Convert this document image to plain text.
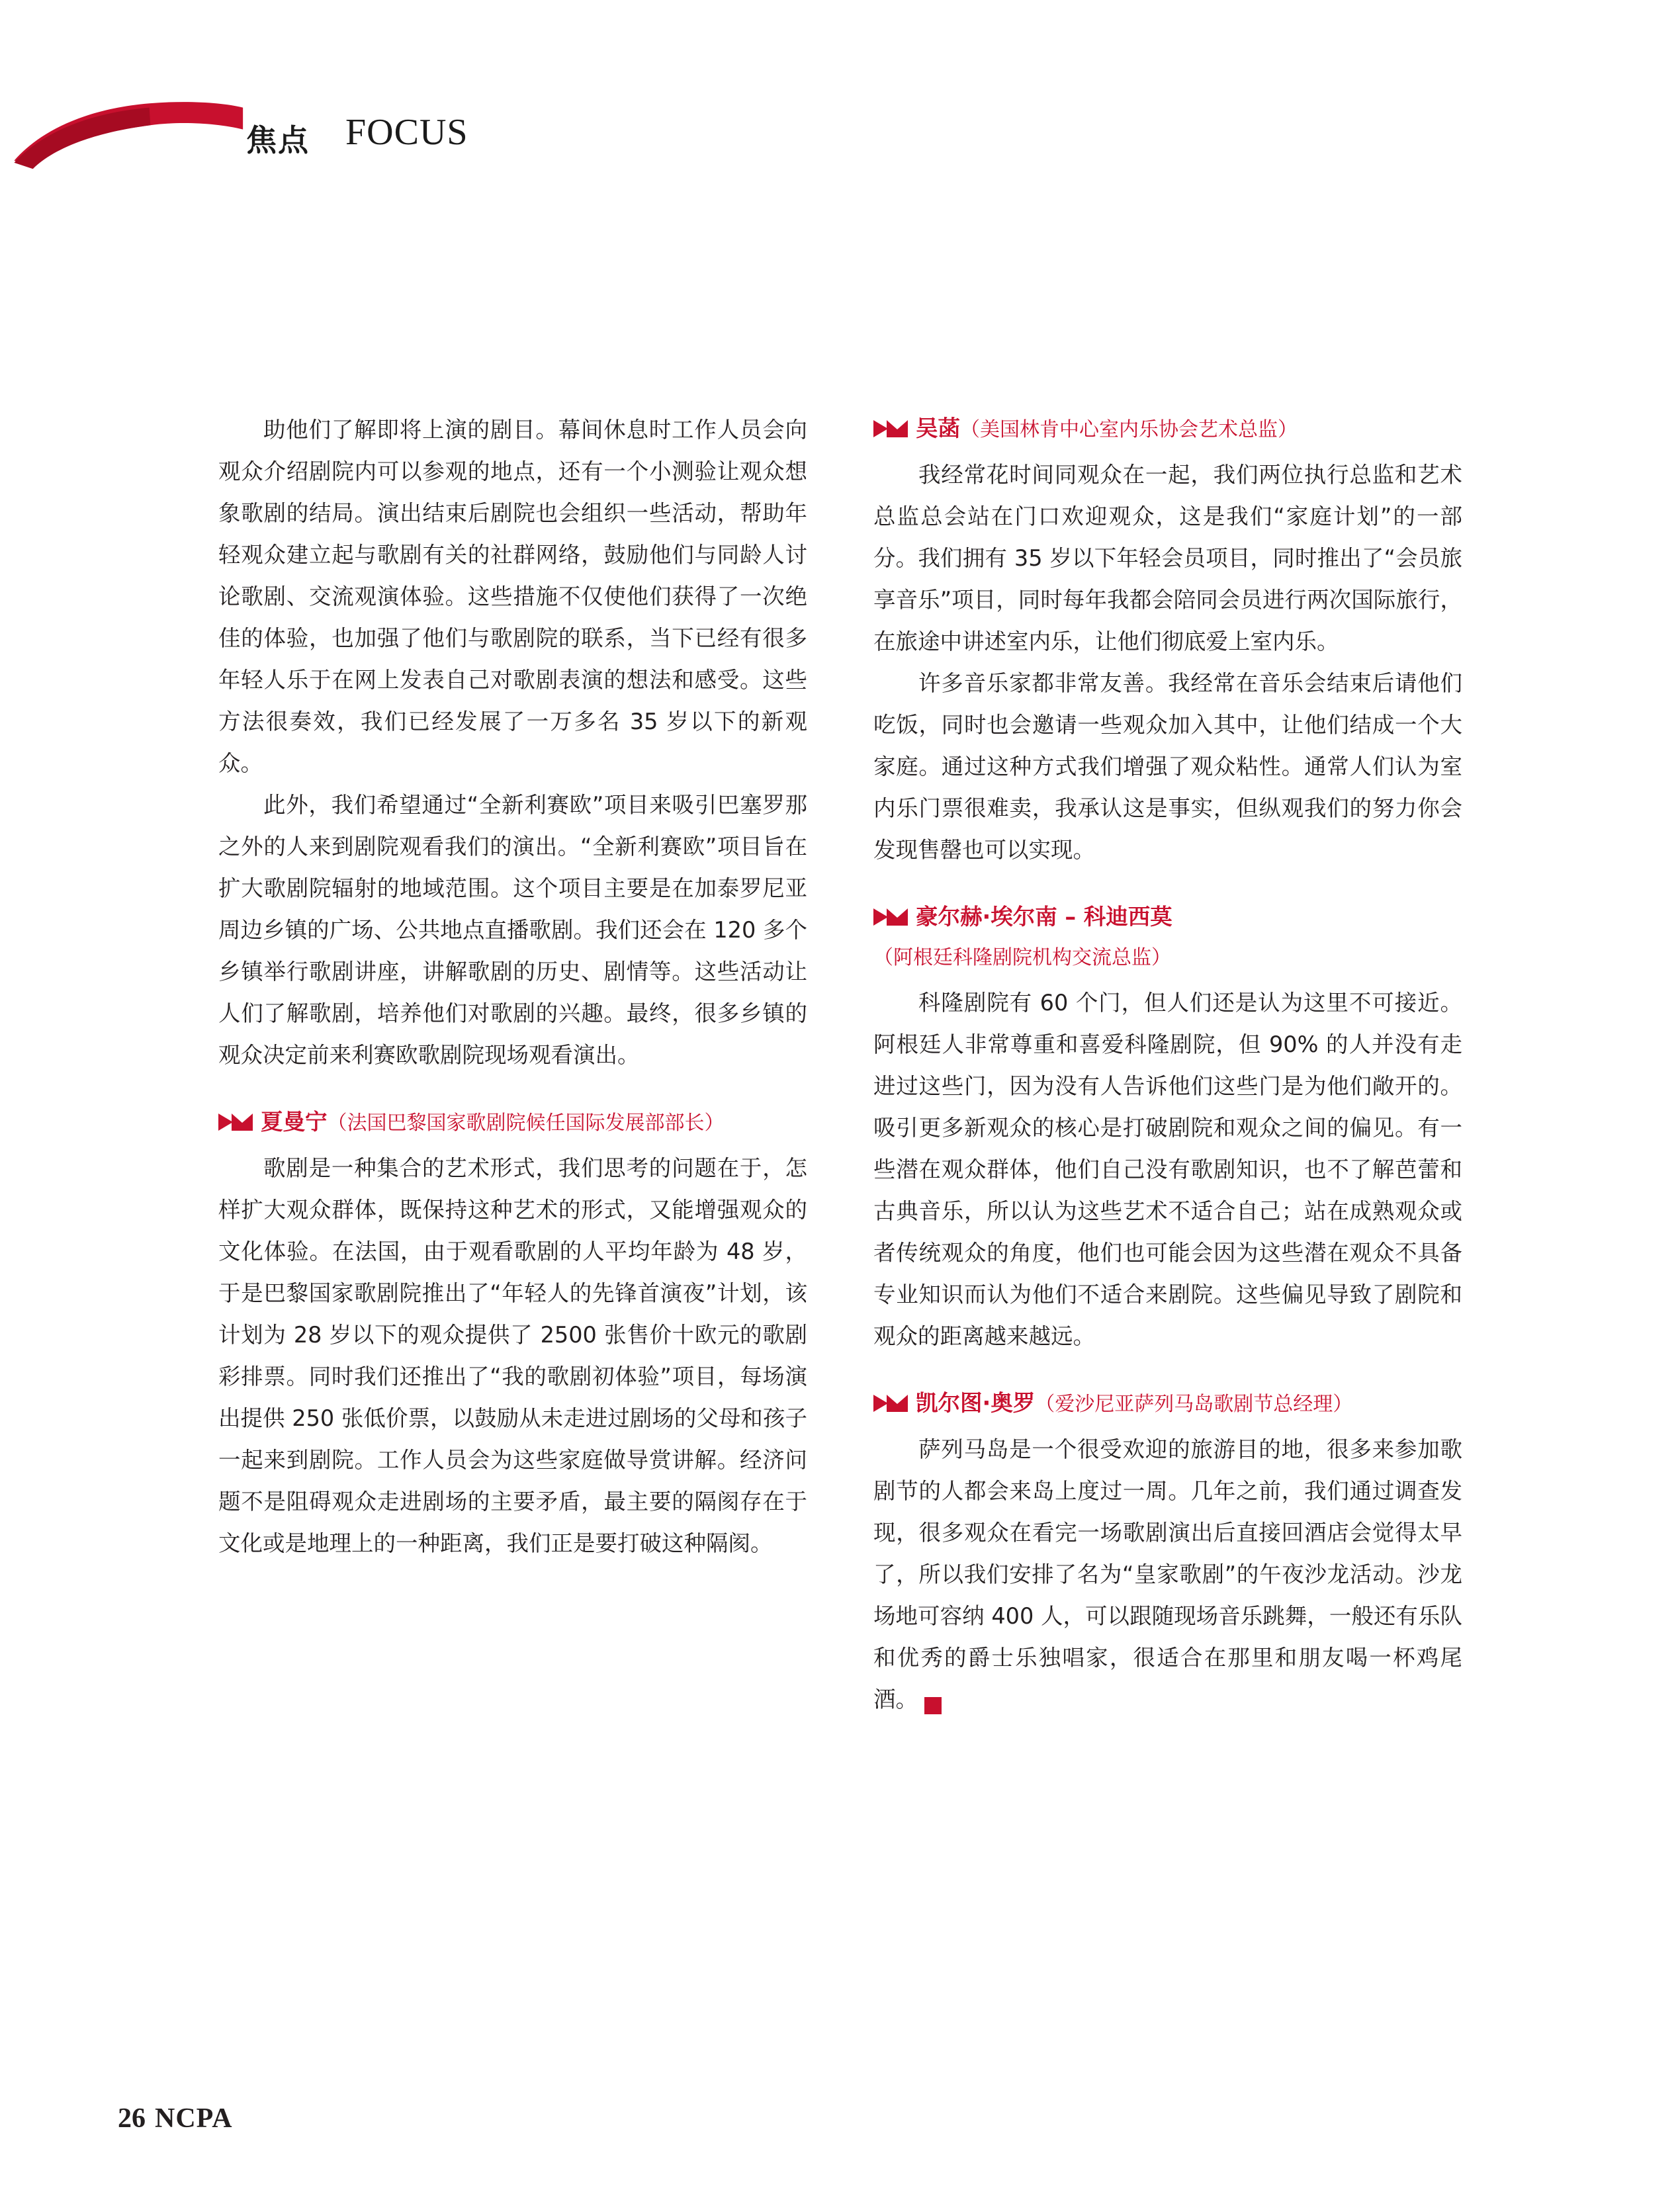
焦点 FOCUS

助他们了解即将上演的剧目。幕间休息时工作人员会向观众介绍剧院内可以参观的地点，还有一个小测验让观众想象歌剧的结局。演出结束后剧院也会组织一些活动，帮助年轻观众建立起与歌剧有关的社群网络，鼓励他们与同龄人讨论歌剧、交流观演体验。这些措施不仅使他们获得了一次绝佳的体验，也加强了他们与歌剧院的联系，当下已经有很多年轻人乐于在网上发表自己对歌剧表演的想法和感受。这些方法很奏效，我们已经发展了一万多名 35 岁以下的新观众。

此外，我们希望通过“全新利赛欧”项目来吸引巴塞罗那之外的人来到剧院观看我们的演出。“全新利赛欧”项目旨在扩大歌剧院辐射的地域范围。这个项目主要是在加泰罗尼亚周边乡镇的广场、公共地点直播歌剧。我们还会在 120 多个乡镇举行歌剧讲座，讲解歌剧的历史、剧情等。这些活动让人们了解歌剧，培养他们对歌剧的兴趣。最终，很多乡镇的观众决定前来利赛欧歌剧院现场观看演出。

夏曼宁（法国巴黎国家歌剧院候任国际发展部部长）

歌剧是一种集合的艺术形式，我们思考的问题在于，怎样扩大观众群体，既保持这种艺术的形式，又能增强观众的文化体验。在法国，由于观看歌剧的人平均年龄为 48 岁，于是巴黎国家歌剧院推出了“年轻人的先锋首演夜”计划，该计划为 28 岁以下的观众提供了 2500 张售价十欧元的歌剧彩排票。同时我们还推出了“我的歌剧初体验”项目，每场演出提供 250 张低价票，以鼓励从未走进过剧场的父母和孩子一起来到剧院。工作人员会为这些家庭做导赏讲解。经济问题不是阻碍观众走进剧场的主要矛盾，最主要的隔阂存在于文化或是地理上的一种距离，我们正是要打破这种隔阂。

吴菡（美国林肯中心室内乐协会艺术总监）

我经常花时间同观众在一起，我们两位执行总监和艺术总监总会站在门口欢迎观众，这是我们“家庭计划”的一部分。我们拥有 35 岁以下年轻会员项目，同时推出了“会员旅享音乐”项目，同时每年我都会陪同会员进行两次国际旅行，在旅途中讲述室内乐，让他们彻底爱上室内乐。

许多音乐家都非常友善。我经常在音乐会结束后请他们吃饭，同时也会邀请一些观众加入其中，让他们结成一个大家庭。通过这种方式我们增强了观众粘性。通常人们认为室内乐门票很难卖，我承认这是事实，但纵观我们的努力你会发现售罄也可以实现。

豪尔赫·埃尔南 – 科迪西莫（阿根廷科隆剧院机构交流总监）

科隆剧院有 60 个门，但人们还是认为这里不可接近。阿根廷人非常尊重和喜爱科隆剧院，但 90% 的人并没有走进过这些门，因为没有人告诉他们这些门是为他们敞开的。吸引更多新观众的核心是打破剧院和观众之间的偏见。有一些潜在观众群体，他们自己没有歌剧知识，也不了解芭蕾和古典音乐，所以认为这些艺术不适合自己；站在成熟观众或者传统观众的角度，他们也可能会因为这些潜在观众不具备专业知识而认为他们不适合来剧院。这些偏见导致了剧院和观众的距离越来越远。

凯尔图·奥罗（爱沙尼亚萨列马岛歌剧节总经理）

萨列马岛是一个很受欢迎的旅游目的地，很多来参加歌剧节的人都会来岛上度过一周。几年之前，我们通过调查发现，很多观众在看完一场歌剧演出后直接回酒店会觉得太早了，所以我们安排了名为“皇家歌剧”的午夜沙龙活动。沙龙场地可容纳 400 人，可以跟随现场音乐跳舞，一般还有乐队和优秀的爵士乐独唱家，很适合在那里和朋友喝一杯鸡尾酒。	NC

26 NCPA
